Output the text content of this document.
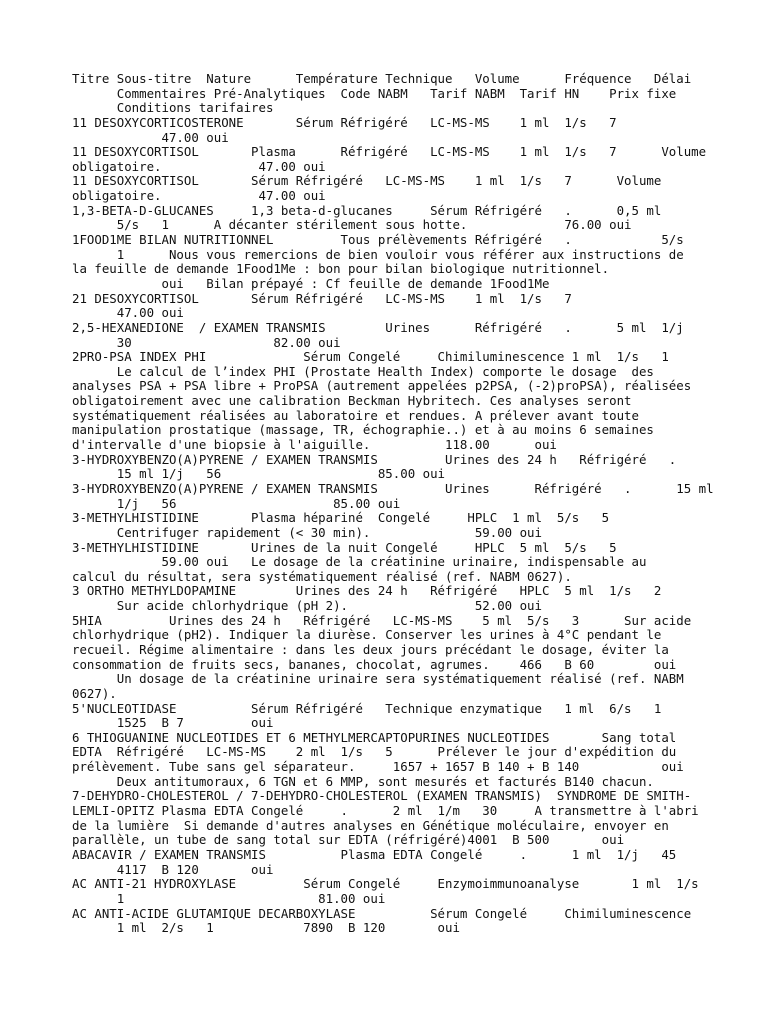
Titre Sous-titre  Nature      Température Technique   Volume      Fréquence   Délai
Commentaires Pré-Analytiques  Code NABM   Tarif NABM  Tarif HN    Prix fixe
Conditions tarifaires
11 DESOXYCORTICOSTERONE       Sérum Réfrigéré   LC-MS-MS    1 ml  1/s   7
47.00 oui
11 DESOXYCORTISOL       Plasma      Réfrigéré   LC-MS-MS    1 ml  1/s   7      Volume
obligatoire.             47.00 oui
11 DESOXYCORTISOL       Sérum Réfrigéré   LC-MS-MS    1 ml  1/s   7      Volume
obligatoire.             47.00 oui
1,3-BETA-D-GLUCANES     1,3 beta-d-glucanes     Sérum Réfrigéré   .      0,5 ml
5/s   1      A décanter stérilement sous hotte.             76.00 oui
1FOOD1ME BILAN NUTRITIONNEL         Tous prélèvements Réfrigéré   .            5/s
1      Nous vous remercions de bien vouloir vous référer aux instructions de
la feuille de demande 1Food1Me : bon pour bilan biologique nutritionnel.
oui   Bilan prépayé : Cf feuille de demande 1Food1Me
21 DESOXYCORTISOL       Sérum Réfrigéré   LC-MS-MS    1 ml  1/s   7
47.00 oui
2,5-HEXANEDIONE  / EXAMEN TRANSMIS        Urines      Réfrigéré   .      5 ml  1/j
30                   82.00 oui
2PRO-PSA INDEX PHI             Sérum Congelé     Chimiluminescence 1 ml  1/s   1
Le calcul de l’index PHI (Prostate Health Index) comporte le dosage  des
analyses PSA + PSA libre + ProPSA (autrement appelées p2PSA, (-2)proPSA), réalisées
obligatoirement avec une calibration Beckman Hybritech. Ces analyses seront
systématiquement réalisées au laboratoire et rendues. A prélever avant toute
manipulation prostatique (massage, TR, échographie..) et à au moins 6 semaines
d'intervalle d'une biopsie à l'aiguille.          118.00      oui
3-HYDROXYBENZO(A)PYRENE / EXAMEN TRANSMIS         Urines des 24 h   Réfrigéré   .
15 ml 1/j   56                     85.00 oui
3-HYDROXYBENZO(A)PYRENE / EXAMEN TRANSMIS         Urines      Réfrigéré   .      15 ml
1/j   56                     85.00 oui
3-METHYLHISTIDINE       Plasma hépariné  Congelé     HPLC  1 ml  5/s   5
Centrifuger rapidement (< 30 min).              59.00 oui
3-METHYLHISTIDINE       Urines de la nuit Congelé     HPLC  5 ml  5/s   5
59.00 oui   Le dosage de la créatinine urinaire, indispensable au
calcul du résultat, sera systématiquement réalisé (ref. NABM 0627).
3 ORTHO METHYLDOPAMINE        Urines des 24 h   Réfrigéré   HPLC  5 ml  1/s   2
Sur acide chlorhydrique (pH 2).                 52.00 oui
5HIA         Urines des 24 h   Réfrigéré   LC-MS-MS    5 ml  5/s   3      Sur acide
chlorhydrique (pH2). Indiquer la diurèse. Conserver les urines à 4°C pendant le
recueil. Régime alimentaire : dans les deux jours précédant le dosage, éviter la
consommation de fruits secs, bananes, chocolat, agrumes.    466   B 60        oui
Un dosage de la créatinine urinaire sera systématiquement réalisé (ref. NABM
0627).
5'NUCLEOTIDASE          Sérum Réfrigéré   Technique enzymatique   1 ml  6/s   1
1525  B 7         oui
6 THIOGUANINE NUCLEOTIDES ET 6 METHYLMERCAPTOPURINES NUCLEOTIDES       Sang total
EDTA  Réfrigéré   LC-MS-MS    2 ml  1/s   5      Prélever le jour d'expédition du
prélèvement. Tube sans gel séparateur.     1657 + 1657 B 140 + B 140           oui
Deux antitumoraux, 6 TGN et 6 MMP, sont mesurés et facturés B140 chacun.
7-DEHYDRO-CHOLESTEROL / 7-DEHYDRO-CHOLESTEROL (EXAMEN TRANSMIS)  SYNDROME DE SMITH-
LEMLI-OPITZ Plasma EDTA Congelé     .      2 ml  1/m   30     A transmettre à l'abri
de la lumière  Si demande d'autres analyses en Génétique moléculaire, envoyer en
parallèle, un tube de sang total sur EDTA (réfrigéré)4001  B 500       oui
ABACAVIR / EXAMEN TRANSMIS          Plasma EDTA Congelé     .      1 ml  1/j   45
4117  B 120       oui
AC ANTI-21 HYDROXYLASE         Sérum Congelé     Enzymoimmunoanalyse       1 ml  1/s
1                          81.00 oui
AC ANTI-ACIDE GLUTAMIQUE DECARBOXYLASE          Sérum Congelé     Chimiluminescence
1 ml  2/s   1            7890  B 120       oui
